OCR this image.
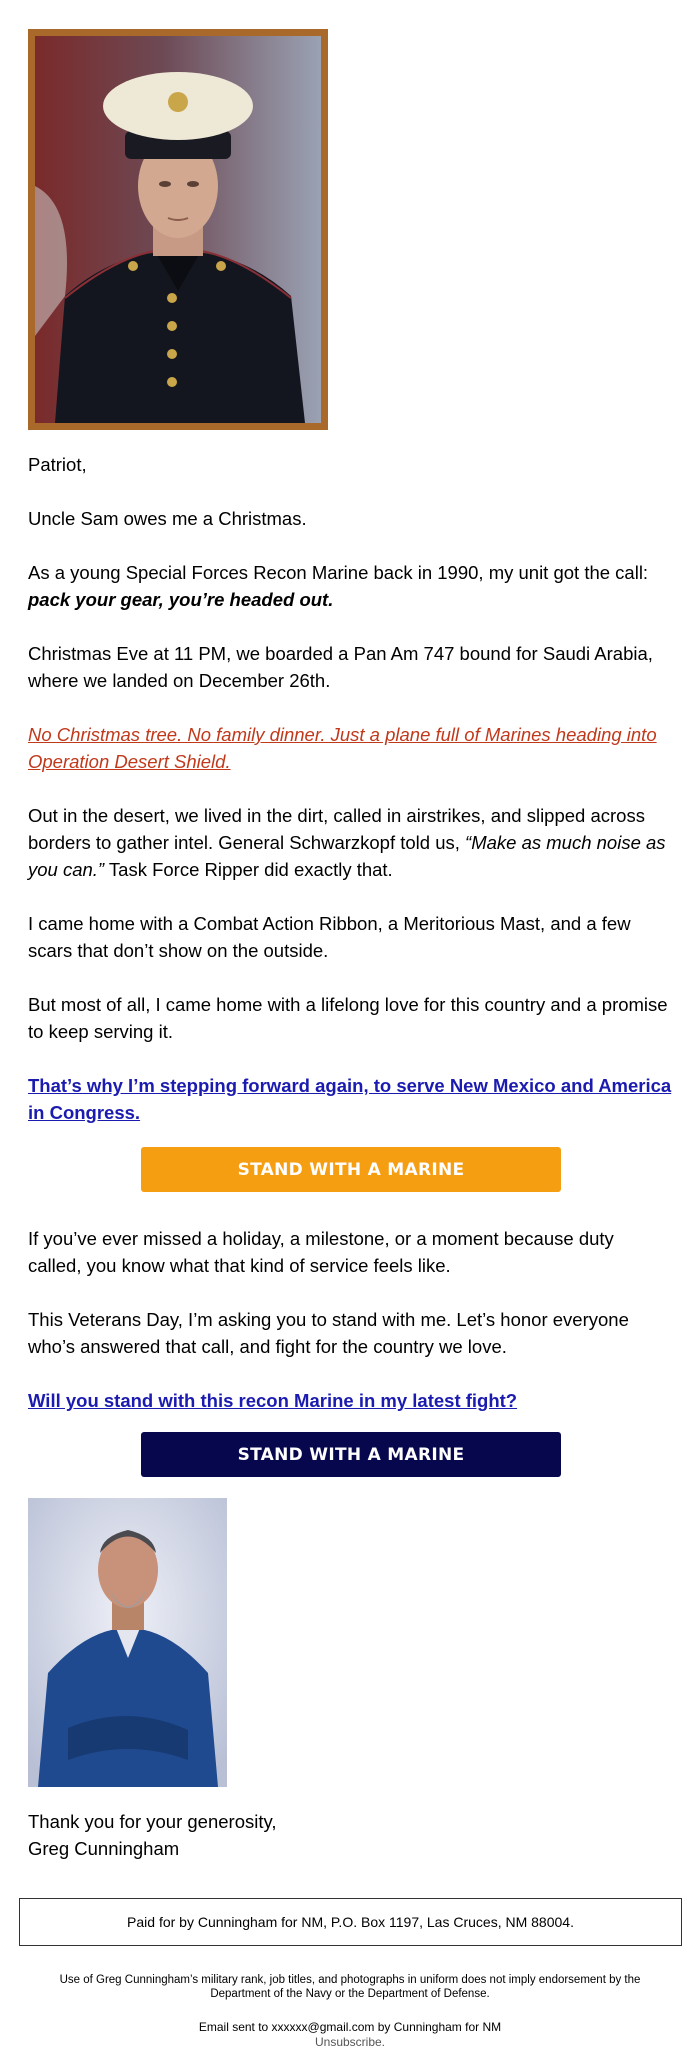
Patriot,

Uncle Sam owes me a Christmas.

As a young Special Forces Recon Marine back in 1990, my unit got the call: pack your gear, you’re headed out.

Christmas Eve at 11 PM, we boarded a Pan Am 747 bound for Saudi Arabia, where we landed on December 26th.

No Christmas tree. No family dinner. Just a plane full of Marines heading into Operation Desert Shield.

Out in the desert, we lived in the dirt, called in airstrikes, and slipped across borders to gather intel. General Schwarzkopf told us, “Make as much noise as you can.” Task Force Ripper did exactly that.

I came home with a Combat Action Ribbon, a Meritorious Mast, and a few scars that don’t show on the outside.

But most of all, I came home with a lifelong love for this country and a promise to keep serving it.

That’s why I’m stepping forward again, to serve New Mexico and America in Congress.

STAND WITH A MARINE

If you’ve ever missed a holiday, a milestone, or a moment because duty called, you know what that kind of service feels like.

This Veterans Day, I’m asking you to stand with me. Let’s honor everyone who’s answered that call, and fight for the country we love.

Will you stand with this recon Marine in my latest fight?

STAND WITH A MARINE

Thank you for your generosity,

Greg Cunningham

Paid for by Cunningham for NM, P.O. Box 1197, Las Cruces, NM 88004.
Use of Greg Cunningham’s military rank, job titles, and photographs in uniform does not imply endorsement by the Department of the Navy or the Department of Defense.
Email sent to xxxxxx@gmail.com by Cunningham for NM
Unsubscribe.
